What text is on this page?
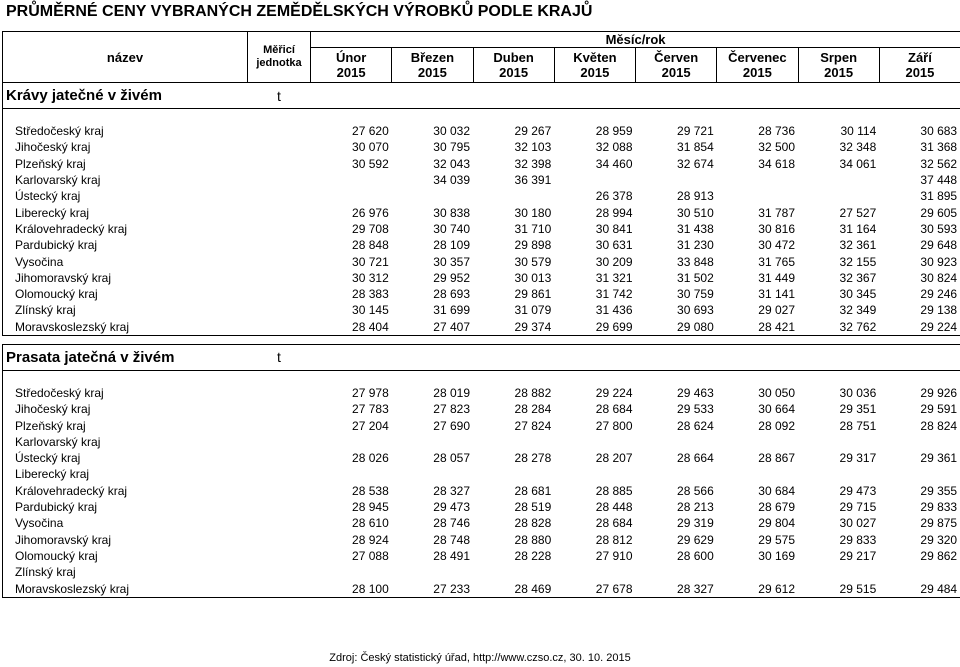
PRŮMĚRNÉ CENY VYBRANÝCH ZEMĚDĚLSKÝCH VÝROBKŮ PODLE KRAJŮ
název	Měřicí
jednotka	Měsíc/rok							
		Únor	Březen	Duben	Květen	Červen	Červenec	Srpen	Září
		2015	2015	2015	2015	2015	2015	2015	2015
Krávy jatečné v živém	t								

Středočeský kraj		27 620	30 032	29 267	28 959	29 721	28 736	30 114	30 683
Jihočeský kraj		30 070	30 795	32 103	32 088	31 854	32 500	32 348	31 368
Plzeňský kraj		30 592	32 043	32 398	34 460	32 674	34 618	34 061	32 562
Karlovarský kraj			34 039	36 391					37 448
Ústecký kraj					26 378	28 913			31 895
Liberecký kraj		26 976	30 838	30 180	28 994	30 510	31 787	27 527	29 605
Královehradecký kraj		29 708	30 740	31 710	30 841	31 438	30 816	31 164	30 593
Pardubický kraj		28 848	28 109	29 898	30 631	31 230	30 472	32 361	29 648
Vysočina		30 721	30 357	30 579	30 209	33 848	31 765	32 155	30 923
Jihomoravský kraj		30 312	29 952	30 013	31 321	31 502	31 449	32 367	30 824
Olomoucký kraj		28 383	28 693	29 861	31 742	30 759	31 141	30 345	29 246
Zlínský kraj		30 145	31 699	31 079	31 436	30 693	29 027	32 349	29 138
Moravskoslezský kraj		28 404	27 407	29 374	29 699	29 080	28 421	32 762	29 224

Prasata jatečná v živém	t								

Středočeský kraj		27 978	28 019	28 882	29 224	29 463	30 050	30 036	29 926
Jihočeský kraj		27 783	27 823	28 284	28 684	29 533	30 664	29 351	29 591
Plzeňský kraj		27 204	27 690	27 824	27 800	28 624	28 092	28 751	28 824
Karlovarský kraj									
Ústecký kraj		28 026	28 057	28 278	28 207	28 664	28 867	29 317	29 361
Liberecký kraj									
Královehradecký kraj		28 538	28 327	28 681	28 885	28 566	30 684	29 473	29 355
Pardubický kraj		28 945	29 473	28 519	28 448	28 213	28 679	29 715	29 833
Vysočina		28 610	28 746	28 828	28 684	29 319	29 804	30 027	29 875
Jihomoravský kraj		28 924	28 748	28 880	28 812	29 629	29 575	29 833	29 320
Olomoucký kraj		27 088	28 491	28 228	27 910	28 600	30 169	29 217	29 862
Zlínský kraj									
Moravskoslezský kraj		28 100	27 233	28 469	27 678	28 327	29 612	29 515	29 484
Zdroj: Český statistický úřad, http://www.czso.cz, 30. 10. 2015
